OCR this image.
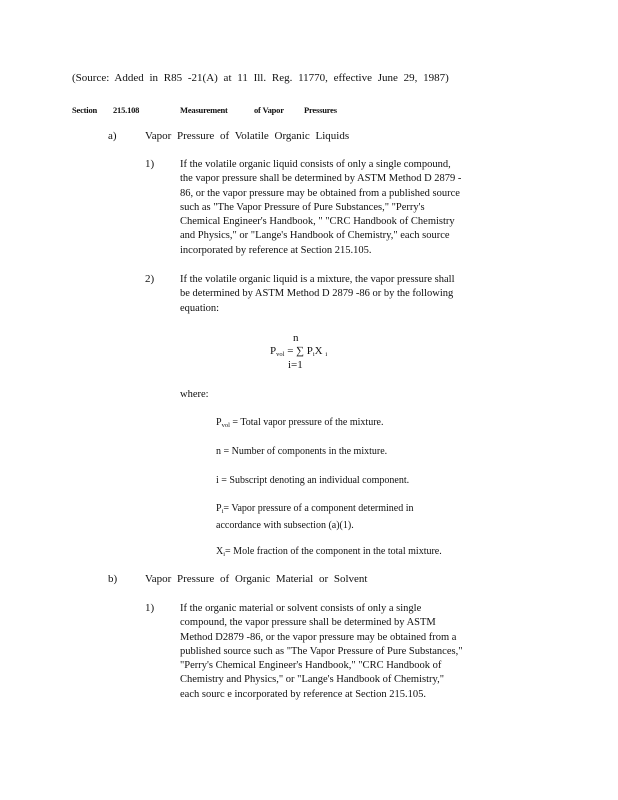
(Source: Added in R85 -21(A) at 11 Ill. Reg. 11770, effective June 29, 1987)
Section 215.108	Measurement	of Vapor Pressures
a)	Vapor Pressure of Volatile Organic Liquids
1) If the volatile organic liquid consists of only a single compound,
the vapor pressure shall be determined by ASTM Method D 2879 -
86, or the vapor pressure may be obtained from a published source
such as "The Vapor Pressure of Pure Substances," "Perry's
Chemical Engineer's Handbook, " "CRC Handbook of Chemistry
and Physics," or "Lange's Handbook of Chemistry," each source
incorporated by reference at Section 215.105.
2) If the volatile organic liquid is a mixture, the vapor pressure shall
be determined by ASTM Method D 2879 -86 or by the following
equation:
n
$P_{vol}$ = ∑ $P_iX$ $_i$
i=1
where:
$P_{vol}$ = Total vapor pressure of the mixture.
n = Number of components in the mixture.
i = Subscript denoting an individual component.
$P_i=$ Vapor pressure of a component determined in
accordance with subsection (a)(1).
$X_i=$ Mole fraction of the component in the total mixture.
b)	Vapor Pressure of Organic Material or Solvent
1) If the organic material or solvent consists of only a single
compound, the vapor pressure shall be determined by ASTM
Method D2879 -86, or the vapor pressure may be obtained from a
published source such as "The Vapor Pressure of Pure Substances,"
"Perry's Chemical Engineer's Handbook," "CRC Handbook of
Chemistry and Physics," or "Lange's Handbook of Chemistry,"
each sourc e incorporated by reference at Section 215.105.
